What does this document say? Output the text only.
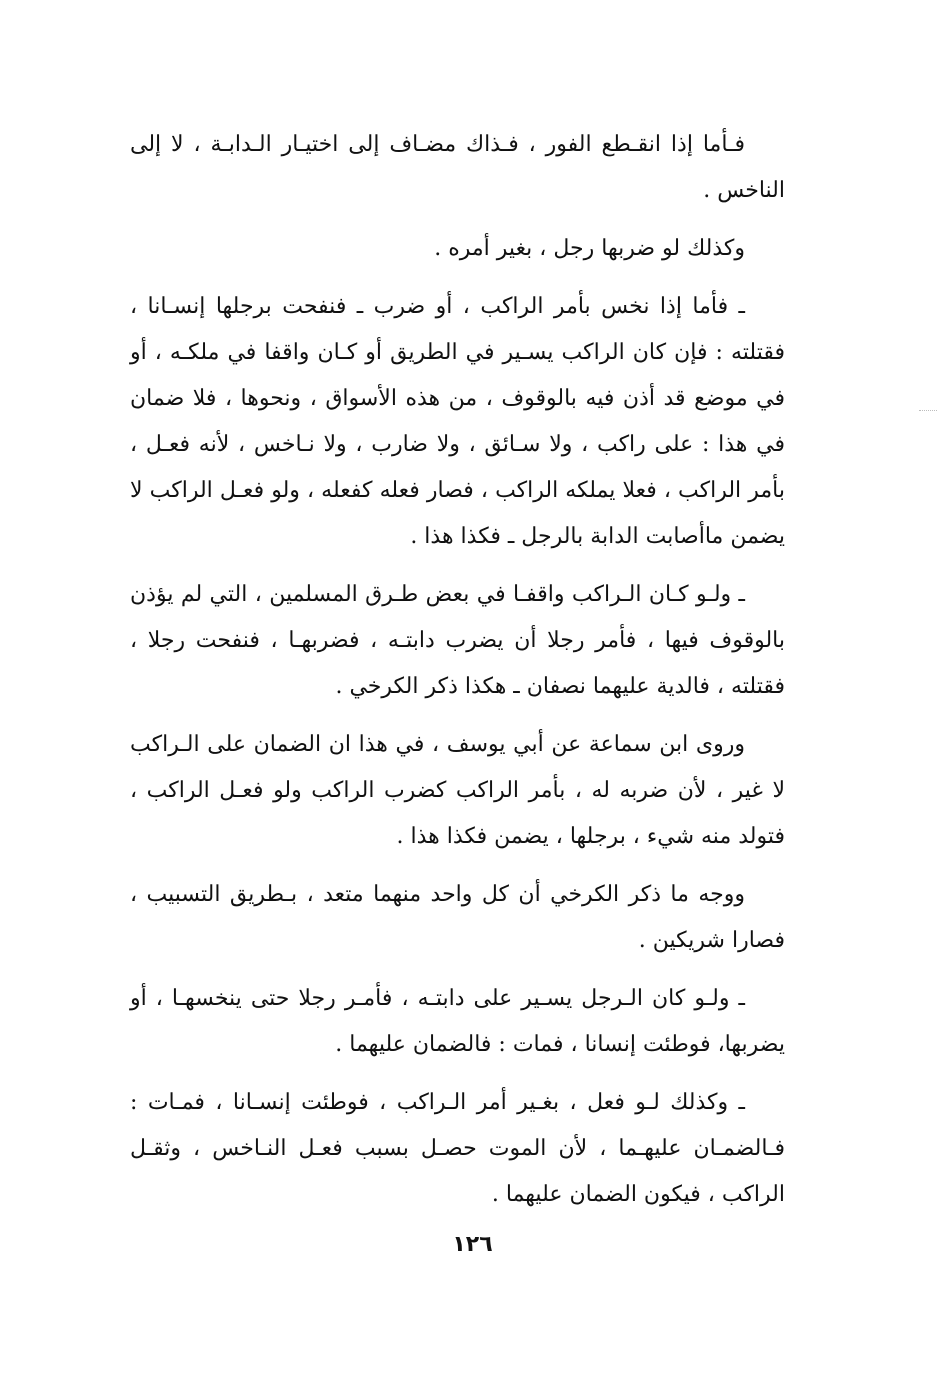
فـأما إذا انقـطع الفور ، فـذاك مضـاف إلى اختيـار الـدابـة ، لا إلى الناخس .

وكذلك لو ضربها رجل ، بغير أمره .

ـ فأما إذا نخس بأمر الراكب ، أو ضرب ـ فنفحت برجلها إنسـانا ، فقتلته : فإن كان الراكب يسـير في الطريق أو كـان واقفا في ملكـه ، أو في موضع قد أذن فيه بالوقوف ، من هذه الأسواق ، ونحوها ، فلا ضمان في هذا : على راكب ، ولا سـائق ، ولا ضارب ، ولا نـاخس ، لأنه فعـل ، بأمر الراكب ، فعلا يملكه الراكب ، فصار فعله كفعله ، ولو فعـل الراكب لا يضمن ماأصابت الدابة بالرجل ـ فكذا هذا .

ـ ولـو كـان الـراكب واقفـا في بعض طـرق المسلمين ، التي لم يؤذن بالوقوف فيها ، فأمر رجلا أن يضرب دابتـه ، فضربهـا ، فنفحت رجلا ، فقتلته ، فالدية عليهما نصفان ـ هكذا ذكر الكرخي .

وروى ابن سماعة عن أبي يوسف ، في هذا ان الضمان على الـراكب لا غير ، لأن ضربه له ، بأمر الراكب كضرب الراكب ولو فعـل الراكب ، فتولد منه شيء ، برجلها ، يضمن فكذا هذا .

ووجه ما ذكر الكرخي أن كل واحد منهما متعد ، بـطريق التسبيب ، فصارا شريكين .

ـ ولـو كان الـرجل يسـير على دابتـه ، فأمـر رجلا حتى ينخسهـا ، أو يضربها، فوطئت إنسانا ، فمات : فالضمان عليهما .

ـ وكذلك لـو فعل ، بغـير أمر الـراكب ، فوطئت إنسـانا ، فمـات : فـالضمـان عليهـما ، لأن الموت حصـل بسبب فعـل النـاخس ، وثقـل الراكب ، فيكون الضمان عليهما .

١٢٦
